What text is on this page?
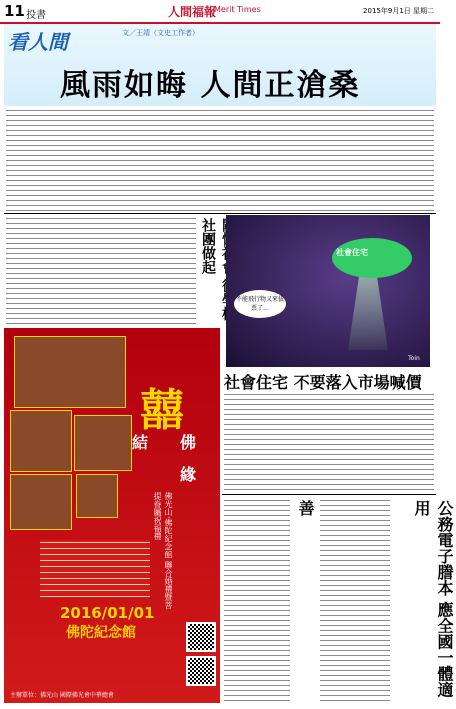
11 投書	人間福報
Merit Times	2015年9月1日 星期二
看人間	文／王靖（文史工作者）
風雨如晦 人間正滄桑
社團做起
社會住宅
不能飛行物又來拔票了…
Toin
社會住宅 不要落入市場喊價
善	公務電子謄本 應全國一體適用
囍
結 佛
緣
佛光山·佛陀紀念館 聯合婚禮暨菩提眷屬祝福禮
2016/01/01
佛陀紀念館
主辦單位：佛光山 國際佛光會中華總會
